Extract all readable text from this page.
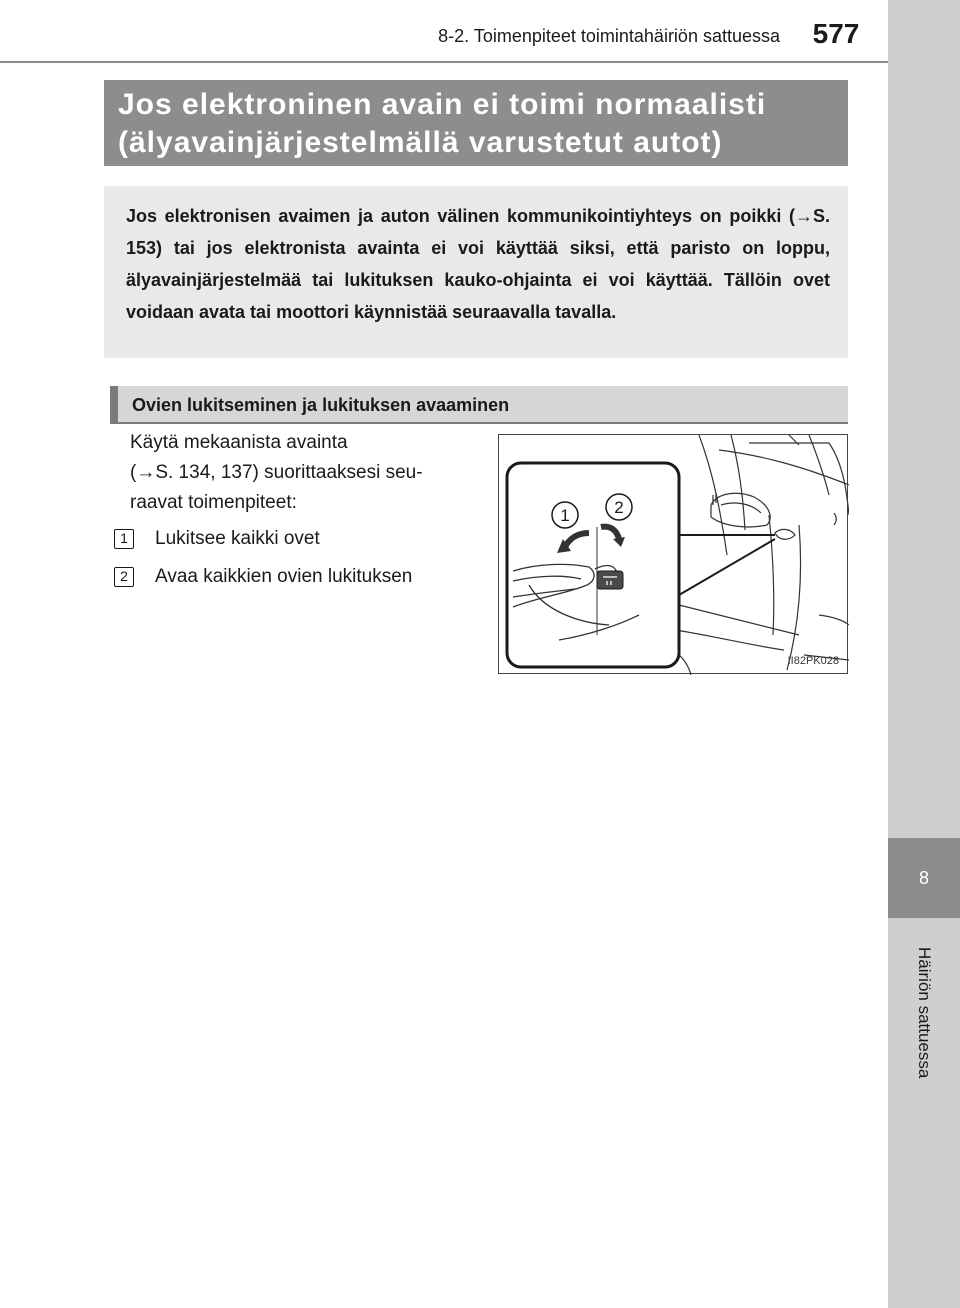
8-2. Toimenpiteet toimintahäiriön sattuessa	577
8
Häiriön sattuessa
Jos elektroninen avain ei toimi normaalisti
(älyavainjärjestelmällä varustetut autot)
Jos elektronisen avaimen ja auton välinen kommunikointiyhteys on poikki (→S. 153) tai jos elektronista avainta ei voi käyttää siksi, että paristo on loppu, älyavainjärjestelmää tai lukituksen kauko-ohjainta ei voi käyttää. Tällöin ovet voidaan avata tai moottori käynnistää seuraavalla tavalla.
Ovien lukitseminen ja lukituksen avaaminen
Käytä mekaanista avainta
(→S. 134, 137) suorittaaksesi seu-
raavat toimenpiteet:
1	Lukitsee kaikki ovet
2	Avaa kaikkien ovien lukituksen
1	2
II82PK028
